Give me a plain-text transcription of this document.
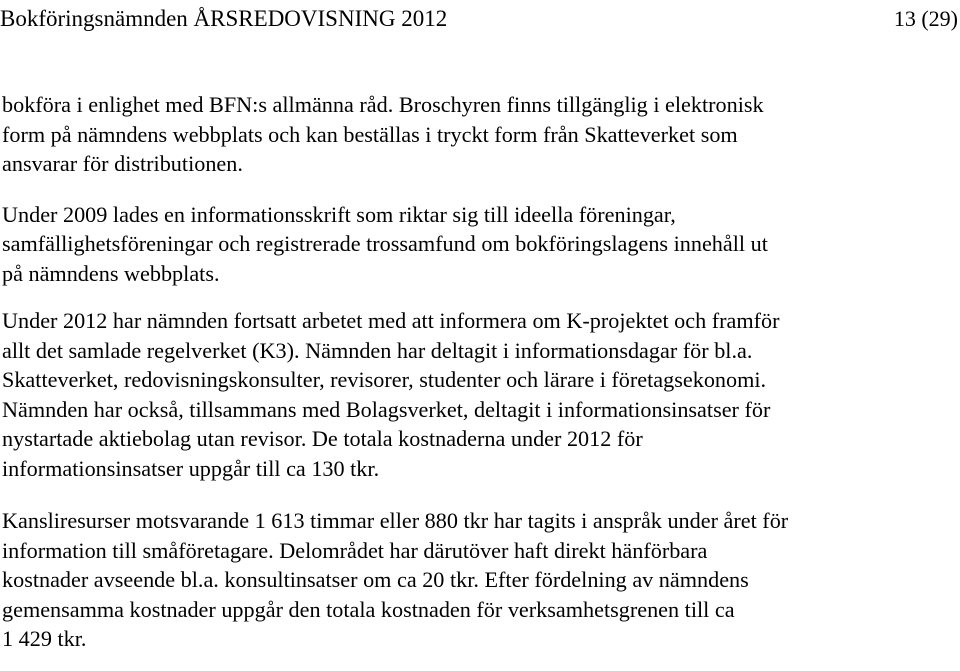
Bokföringsnämnden ÅRSREDOVISNING 2012	13 (29)

bokföra i enlighet med BFN:s allmänna råd. Broschyren finns tillgänglig i elektronisk
form på nämndens webbplats och kan beställas i tryckt form från Skatteverket som
ansvarar för distributionen.

Under 2009 lades en informationsskrift som riktar sig till ideella föreningar,
samfällighetsföreningar och registrerade trossamfund om bokföringslagens innehåll ut
på nämndens webbplats.

Under 2012 har nämnden fortsatt arbetet med att informera om K-projektet och framför
allt det samlade regelverket (K3). Nämnden har deltagit i informationsdagar för bl.a.
Skatteverket, redovisningskonsulter, revisorer, studenter och lärare i företagsekonomi.
Nämnden har också, tillsammans med Bolagsverket, deltagit i informationsinsatser för
nystartade aktiebolag utan revisor. De totala kostnaderna under 2012 för
informationsinsatser uppgår till ca 130 tkr.

Kansliresurser motsvarande 1 613 timmar eller 880 tkr har tagits i anspråk under året för
information till småföretagare. Delområdet har därutöver haft direkt hänförbara
kostnader avseende bl.a. konsultinsatser om ca 20 tkr. Efter fördelning av nämndens
gemensamma kostnader uppgår den totala kostnaden för verksamhetsgrenen till ca
1 429 tkr.
